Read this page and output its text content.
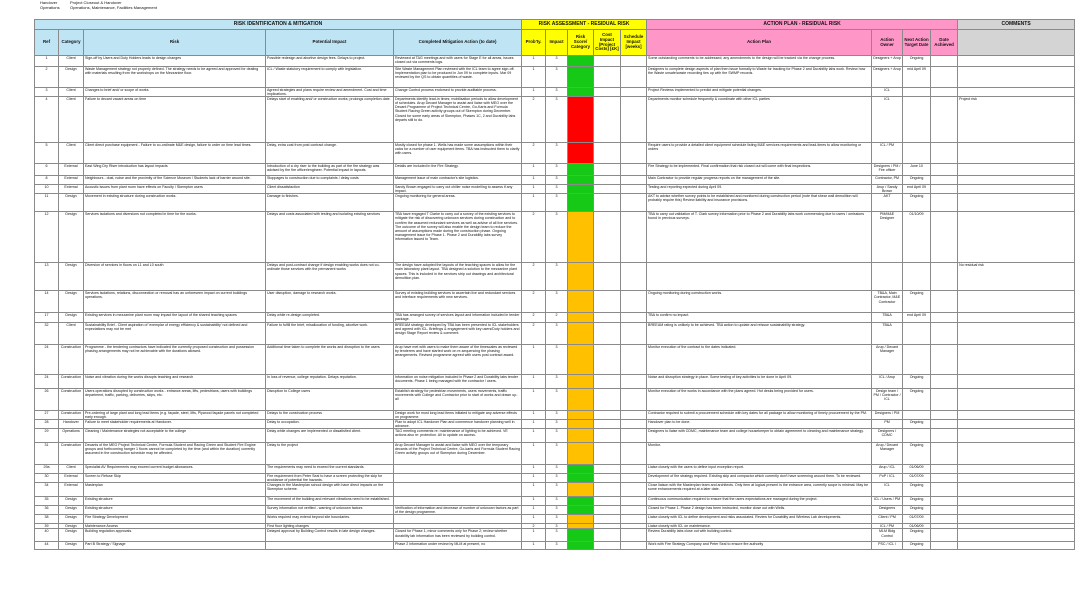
Handover	Project Closeout & Handover
Operations	Operations, Maintenance, Facilities Management
RISK IDENTIFICATION & MITIGATION					RISK ASSESSMENT - RESIDUAL RISK					ACTION PLAN - RESIDUAL RISK				COMMENTS
Ref	Category	Risk	Potential Impact	Completed Mitigation Action (to date)	Prob'ty.	Impact	Risk Score/ Category	Cost Impact (Project Costs) [£K]	Schedule Impact [weeks]	Action Plan	Action Owner	Next Action Target Date	Date Achieved	
1	Client	Sign-off by Users and Duty Holders leads to design changes	Possible redesign and abortive design fees. Delays to project.	Reviewed at TAG meetings and with users for Stage E for all areas, issues closed out via comments logs.	1	3				Some outstanding comments to be addressed; any amendments to the design will be tracked via the change process.	Designers + Arup	Ongoing		
2	Design	Waste Management strategy not properly defined. The strategy needs to be agreed and approved for dealing with materials resulting from the workshops on the Mezzanine floor.	ICL / Waste statutory requirement to comply with legislation.	Site Waste Management Plan reviewed with the ICL team to agree sign-off. Implementation plan to be produced in Jun 09 to complete inputs. Mar 09 reviewed by the QS to obtain quantities of waste.	1	3				Designers to complete design aspects of plan then issue formally to Waste for tracking for Phase 2 and Durability labs work. Review how the Waste unsafe/waste recording ties up with the SWMP records.	Designers + Arup	mid April 09		
3	Client	Changes to brief and/ or scope of works	Agreed strategies and plans require review and amendment. Cost and time implications.	Change Control process endorsed to provide auditable process.	1	3				Project Reviews implemented to predict and mitigate potential changes.	ICL			
4	Client	Failure to decant vacant areas on time	Delays start of enabling and/ or construction works; prolongs completion date.	Departments identify lead-in times; mobilisation periods to allow development of schedules. Arup Decant Manager to assist and liaise with MEO over the Decant Programme of Project Technical Centre, Go-Karts and Formula Student Racing Green activity groups out of Skempton during December. Closed for some early areas of Skempton, Phases 1C, 2 and Durability labs departs still to do.	2	3				Departments monitor schedule frequently & coordinate with other ICL parties	ICL			Project risk
5	Client	Client direct purchase equipment - Failure to co-ordinate M&E design, failure to order on time lead times.	Delay, extra cost from post contract change.	Mostly closed for phase 1. Wells has made some assumptions within their calcs for a number of user equipment items. TBA has instructed them to clarify with users.	2	3				Require users to provide a detailed client equipment schedule listing M&E services requirements and lead-times to allow monitoring or orders	ICL / PM			
6	External	East Wing Dry Riser introduction has layout impacts	Introduction of a dry riser to the building as part of the fire strategy was advised by the fire officer/engineer. Potential impact in layouts.	Details are included in the Fire Strategy.	1	3				Fire Strategy to be implemented. Final confirmation that risk closed out will come with final inspections.	Designers / PM / Fire officer	June 10		
8	External	Neighbours - dust, noise and the proximity of the Science Museum / Students lack of barrier around site.	Stoppages to construction due to complaints / delay costs	Management issue of main contractor's site logistics.	1	3				Main Contractor to provide regular progress reports on the management of the site.	Contractor, PM	Ongoing		
10	External	Acoustic issues from plant room have effects on Faculty / Skempton users	Client dissatisfaction	Sandy Brown engaged to carry out chiller noise modelling to assess if any impact.	1	3				Testing and reporting expected during April 09.	Arup / Sandy Brown	end April 09		
11	Design	Movement in existing structure during construction works.	Damage to finishes.	Ongoing monitoring for general areas.	1	3				AKT to advise whether survey points to be established and monitored during construction period (note that shear wall demolition will probably require this) Review liability and insurance provisions.	AKT	Ongoing		
12	Design	Services isolations and diversions not completed in time for the works.	Delays and costs associated with testing and isolating existing services	TBA have engaged T Clarke to carry out a survey of the existing services to mitigate the risk of discovering unknown services during construction and to confirm the assumed redundant services as well as advise of all live services. The outcome of the survey will also enable the design team to reduce the amount of assumptions made during the construction phase. Ongoing management issue for Phase 1. Phase 2 and Durability labs survey information issued to Team.	2	3				TBA to carry out validation of T. Clark survey information prior to Phase 2 and Durability labs work commencing due to users / omissions found in previous surveys.	PM/M&E Designer	01/10/09		
13	Design	Diversion of services in floors on L1 and L0 south	Delays and post-contract change if design enabling works does not co-ordinate those services with the permanent works	The design have adopted the layouts of the teaching spaces to allow for the main laboratory plant layout. TBA designed a solution to the mezzanine plant spaces. This is included in the services strip out drawings and architectural demolition plan.	2	3								No residual risk
14	Design	Services isolations, relations, disconnection or removal has an unforeseen impact on current buildings operations.	User disruption, damage to research works.	Survey of existing building services to ascertain live and redundant services and interface requirements with new services.	2	3				Ongoing monitoring during construction works.	TB&A, Main Contractor, M&E Contractor	Ongoing		
17	Design	Existing services in mezzanine plant room may impact the layout of the shared teaching spaces	Delay while re-design completed.	TBA has arranged survey of services layout and information included in tender package.	2	2				TBA to confirm no impact.	TB&A	end April 09		
32	Client	Sustainability Brief - Client aspiration of 'exemplar of energy efficiency & sustainability' not defined and expectations may not be met	Failure to fulfill the brief, misallocation of funding, abortive work.	BREEAM strategy developed by TBA has been presented to ICL stakeholders and agreed with ICL. Briefings & engagement with key users/Duty holders and design Stage Report review & comment.	2	3				BREEAM rating is unlikely to be achieved. TBA action to update and reissue sustainability strategy.	TB&A			
24	Construction	Programme - the tendering contractors have indicated the currently proposed construction and possession phasing arrangements may not be achievable with the durations allowed.	Additional time taken to complete the works and disruption to the users	Arup have met with users to make them aware of the timescales as reviewed by tenderers and have started work on re-sequencing the phasing arrangements. Revised programme agreed with users post contract award.	1	3				Monitor execution of the contract to the dates indicated.	Arup / Decant Manager			
24	Construction	Noise and vibration during the works disrupts teaching and research	In loss of revenue, college reputation. Delays reputation.	Information on noise mitigation included in Phase 2 and Durability labs tender documents. Phase 1 being managed with the contractor / users.	1	3				Noise and disruption strategy in place. Some testing of key activities to be done in April 09.	ICL / Arup	Ongoing		
26	Construction	Users operations disrupted by construction works - entrance areas, lifts, pedestrians, users with buildings department, traffic, parking, deliveries, skips, etc.	Disruption to College users	Establish strategy for pedestrian movements, users movements, traffic movements with College and Contractor prior to start of works and drawn up-all	1	3				Monitor execution of the works in accordance with the plans agreed. Hot desks being provided for users.	Design team / PM / Contractor / ICL	Ongoing		
27	Construction	Pre-ordering of large plant and long lead items (e.g. façade, steel, lifts, Plywood façade panels not completed early enough.	Delays to the construction process	Design work for most long lead items initiated to mitigate any adverse effects on programme.	1	3				Contractor required to submit a procurement schedule with key dates for all package to allow monitoring of timely procurement by the PM.	Designers / PM			
28	Handover	Failure to meet stakeholder requirements at Handover.	Delay to occupation.	Plan to adopt ICL Handover Plan and commence handover planning well in advance.	1	3				Handover plan to be done.	PM	Ongoing		
29	Operations	Cleaning / Maintenance strategies not acceptable to the college	Delay while changes are implemented or dissatisfied client.	TAG meeting comments re: maintenance of lighting to be achieved. VE actions also re: protection. All to update on access.	1	3				Designers to liaise with CDMC, maintenance team and college housekeeper to obtain agreement to cleaning and maintenance strategy.	Designers / CDMC			
31	Construction	Decants of the MEO Project Technical Centre, Formula Student and Racing Green and Student Fire Engine groups and forthcoming hanger 1 floors cannot be completed by the time (and within the duration) currently assumed in the construction schedule may be affected.	Delay to the project	Arup Decant Manager to assist and liaise with MEO over the temporary decants of the Project Technical Centre, Go-karts and Formula Student Racing Green activity groups out of Skempton during December.	1	3				Monitor.	Arup / Decant Manager	Ongoing		
29a	Client	Specialist AV Requirements may exceed current budget allowances.	The requirements may need to exceed the current standards.		1	3				Liaise closely with the users to define input exception report.	Arup / ICL	01/06/09		
30	External	Screen to Refuse Skip	Fire requirement from Peter Seal to have a screen protecting the skip for avoidance of potential fire hazards.		1	3				Development of fire strategy required. Existing skip and compactor which currently don't have screening around them. To be reviewed.	PoP / ICL	01/07/09		
34	External	Masterplan	Changes in the Masterplan school design with have direct impacts on the Skempton scheme.		1	3				Close liaison with the Masterplan team and architects. Only item at logical present is the entrance area, currently scope is minimal. May be some enhancements required at a later date.	ICL	Ongoing		
35	Design	Existing structure	The movement of the building and relevant vibrations need to be established.		1	3				Continuous communication required to ensure that the users expectations are managed during the project.	ICL / Users / PM	Ongoing		
36	Design	Existing structure	Survey information not verified - warning of unknown factors	Verification of information and decrease of number of unknown factors as part of the design programme.	1	3				Closed for Phase 1. Phase 2 design has been instructed, monitor close out with Wells.	Designers	Ongoing		
38	Design	Fire Strategy Development	Works required may extend beyond site boundaries.		1	3				Liaise closely with ICL to define development and risks associated. Review for Durability and Wireless Lab developments.	Client / PM	01/07/09		
39	Design	Maintenance Access	First floor lighting changes		2	3				Liaise closely with ICL on maintenance.	ICL / PM	01/06/09		
40	Design	Building regulation approvals.	Delayed approval by Building Control results in late design changes.	Closed for Phase 1, minor comments only for Phase 2; review whether durability lab information has been reviewed by building control.	1	3				Review Durability labs close out with building control.	MLM Bldg Control	Ongoing		
44	Design	Part B Strategy / Signage		Phase 2 information under review by MLM at present, no	1	3				Work with Fire Strategy Company and Peter Seal to ensure fire authority	PSC / ICL /	Ongoing		
